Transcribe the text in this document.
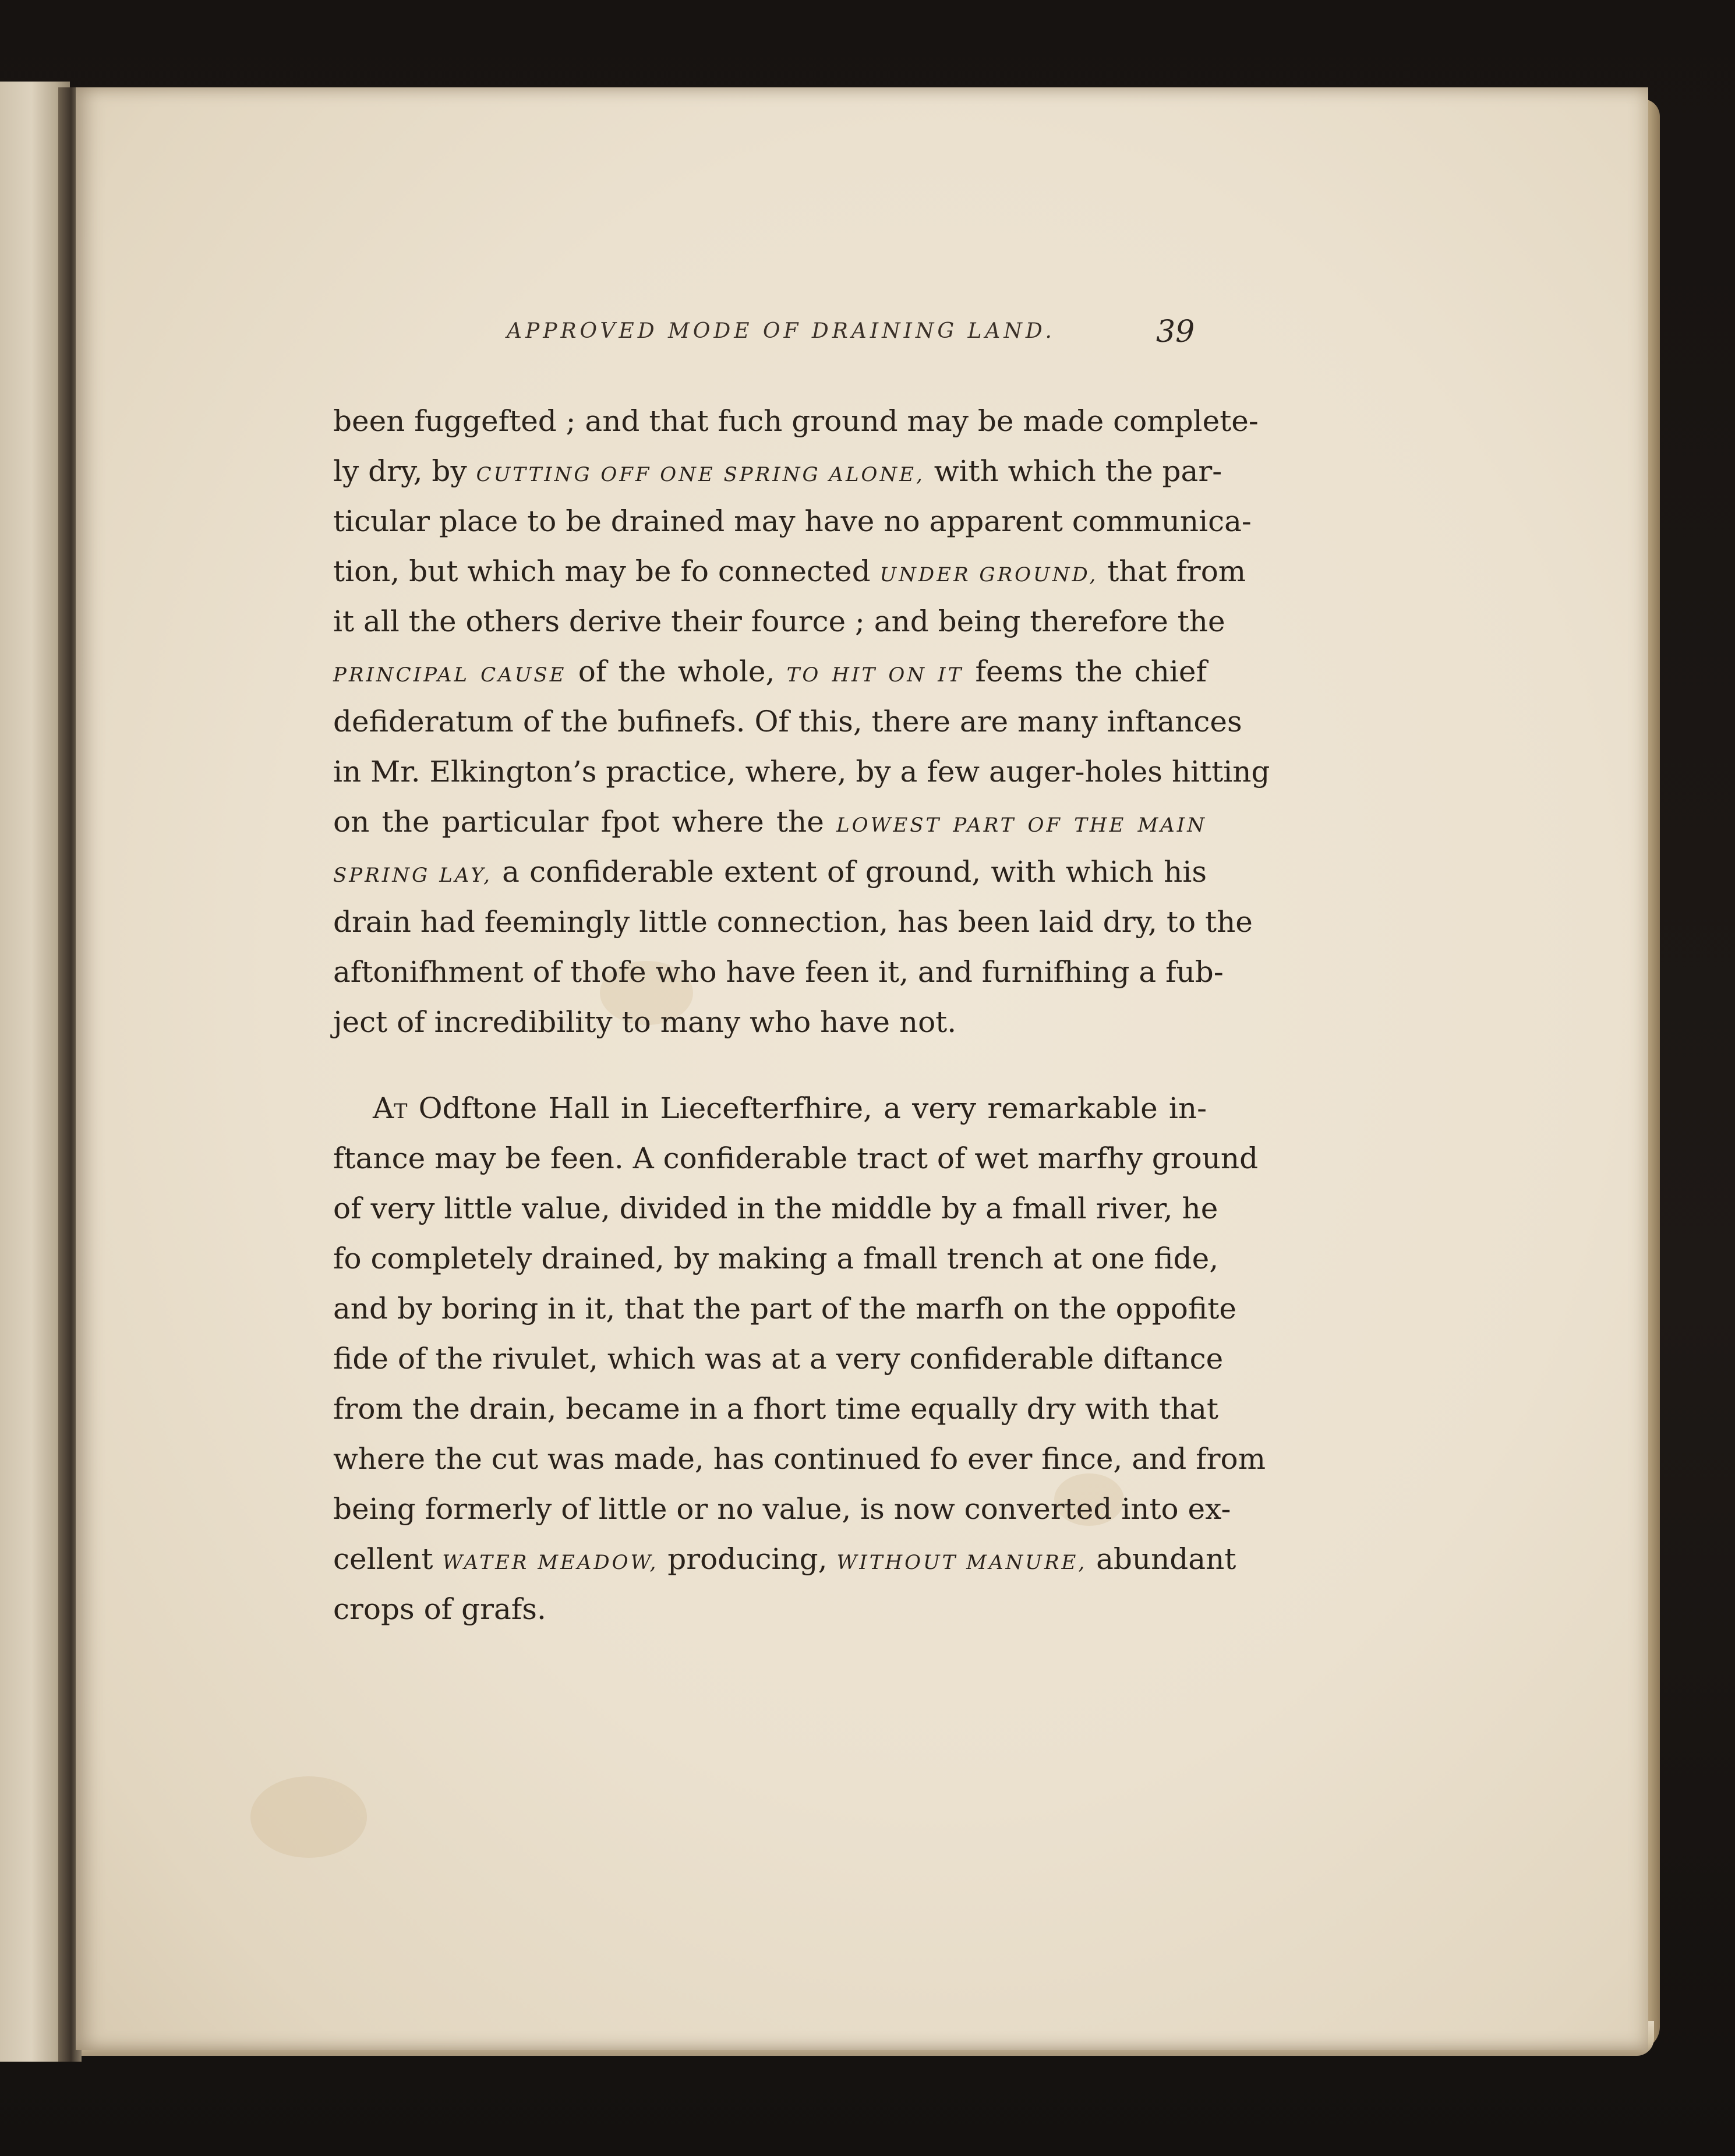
APPROVED MODE OF DRAINING LAND.	39
been fuggefted ; and that fuch ground may be made complete-
ly dry, by CUTTING OFF ONE SPRING ALONE, with which the par-
ticular place to be drained may have no apparent communica-
tion, but which may be fo connected UNDER GROUND, that from
it all the others derive their fource ; and being therefore the
PRINCIPAL CAUSE of the whole, TO HIT ON IT feems the chief
defideratum of the bufinefs. Of this, there are many inftances
in Mr. Elkington’s practice, where, by a few auger-holes hitting
on the particular fpot where the LOWEST PART OF THE MAIN
SPRING LAY, a confiderable extent of ground, with which his
drain had feemingly little connection, has been laid dry, to the
aftonifhment of thofe who have feen it, and furnifhing a fub-
ject of incredibility to many who have not.
At Odftone Hall in Liecefterfhire, a very remarkable in-
ftance may be feen. A confiderable tract of wet marfhy ground
of very little value, divided in the middle by a fmall river, he
fo completely drained, by making a fmall trench at one fide,
and by boring in it, that the part of the marfh on the oppofite
fide of the rivulet, which was at a very confiderable diftance
from the drain, became in a fhort time equally dry with that
where the cut was made, has continued fo ever fince, and from
being formerly of little or no value, is now converted into ex-
cellent WATER MEADOW, producing, WITHOUT MANURE, abundant
crops of grafs.
